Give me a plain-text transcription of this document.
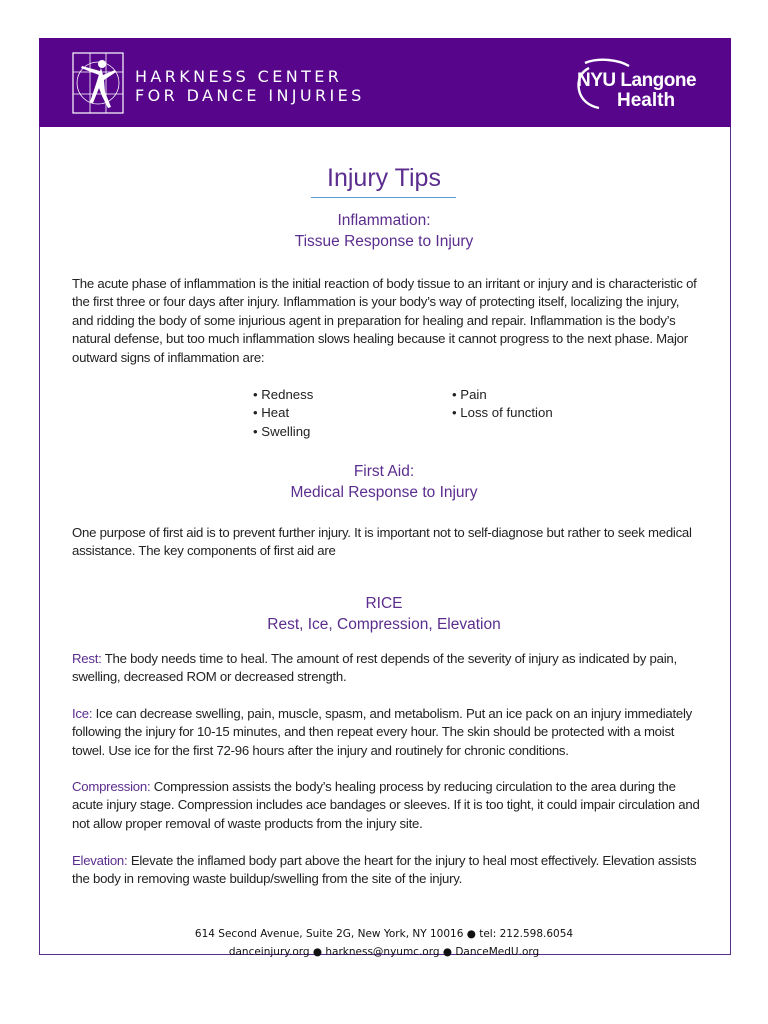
HARKNESS CENTER
FOR DANCE INJURIES
NYU Langone
Health
Injury Tips
Inflammation:
Tissue Response to Injury
The acute phase of inflammation is the initial reaction of body tissue to an irritant or injury and is characteristic of the first three or four days after injury. Inflammation is your body’s way of protecting itself, localizing the injury, and ridding the body of some injurious agent in preparation for healing and repair. Inflammation is the body’s natural defense, but too much inflammation slows healing because it cannot progress to the next phase. Major outward signs of inflammation are:
• Redness
• Heat
• Swelling
• Pain
• Loss of function
First Aid:
Medical Response to Injury
One purpose of first aid is to prevent further injury. It is important not to self-diagnose but rather to seek medical assistance. The key components of first aid are
RICE
Rest, Ice, Compression, Elevation
Rest: The body needs time to heal. The amount of rest depends of the severity of injury as indicated by pain, swelling, decreased ROM or decreased strength.
Ice: Ice can decrease swelling, pain, muscle, spasm, and metabolism. Put an ice pack on an injury immediately following the injury for 10-15 minutes, and then repeat every hour. The skin should be protected with a moist towel. Use ice for the first 72-96 hours after the injury and routinely for chronic conditions.
Compression: Compression assists the body’s healing process by reducing circulation to the area during the acute injury stage. Compression includes ace bandages or sleeves. If it is too tight, it could impair circulation and not allow proper removal of waste products from the injury site.
Elevation: Elevate the inflamed body part above the heart for the injury to heal most effectively. Elevation assists the body in removing waste buildup/swelling from the site of the injury.
614 Second Avenue, Suite 2G, New York, NY 10016 ● tel: 212.598.6054
danceinjury.org ● harkness@nyumc.org ● DanceMedU.org
